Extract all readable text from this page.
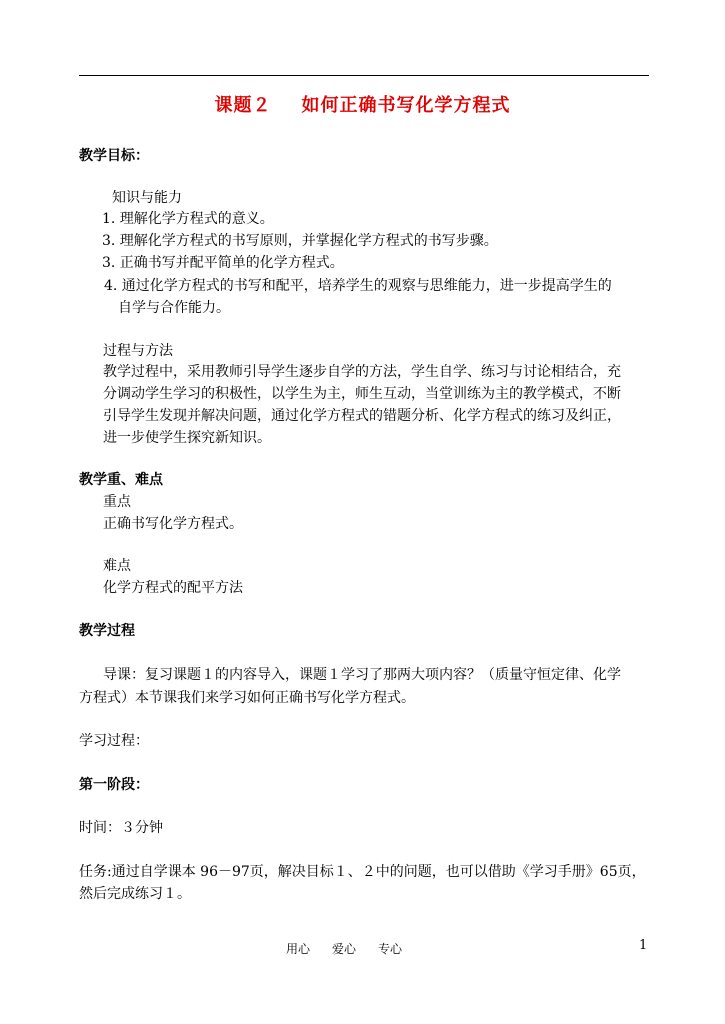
课题２ 如何正确书写化学方程式
教学目标：
知识与能力
1. 理解化学方程式的意义。
3. 理解化学方程式的书写原则，并掌握化学方程式的书写步骤。
3. 正确书写并配平简单的化学方程式。
4. 通过化学方程式的书写和配平，培养学生的观察与思维能力，进一步提高学生的
自学与合作能力。
过程与方法
教学过程中，采用教师引导学生逐步自学的方法，学生自学、练习与讨论相结合，充
分调动学生学习的积极性，以学生为主，师生互动，当堂训练为主的教学模式，不断
引导学生发现并解决问题，通过化学方程式的错题分析、化学方程式的练习及纠正，
进一步使学生探究新知识。
教学重、难点
重点
正确书写化学方程式。
难点
化学方程式的配平方法
教学过程
导课：复习课题１的内容导入，课题１学习了那两大项内容？（质量守恒定律、化学
方程式）本节课我们来学习如何正确书写化学方程式。
学习过程：
第一阶段：
时间：３分钟
任务:通过自学课本 96－97页，解决目标１、２中的问题，也可以借助《学习手册》65页，
然后完成练习１。
用心 爱心 专心	1
